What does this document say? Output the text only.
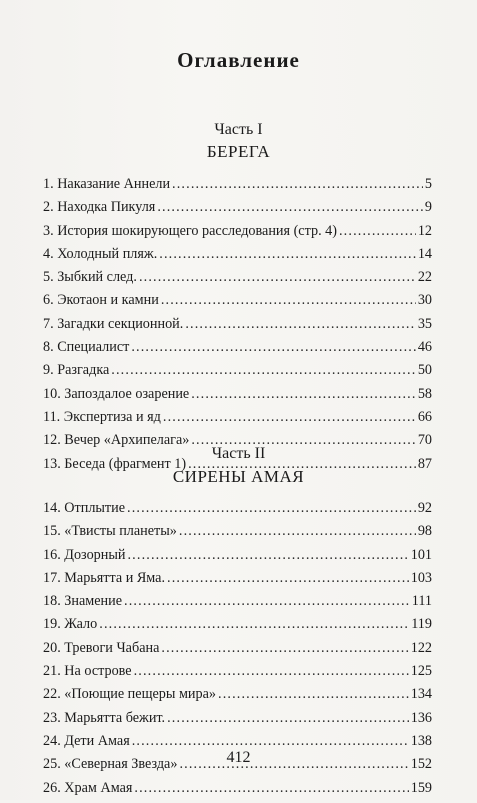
Оглавление
Часть I
БЕРЕГА
1. Наказание Аннели . . .	5
2. Находка Пикуля . . .	9
3. История шокирующего расследования (стр. 4) . . .	12
4. Холодный пляж. . . .	14
5. Зыбкий след. . . .	22
6. Экотаон и камни . . .	30
7. Загадки секционной. . . .	35
8. Специалист . . .	46
9. Разгадка . . .	50
10. Запоздалое озарение . . .	58
11. Экспертиза и яд . . .	66
12. Вечер «Архипелага» . . .	70
13. Беседа (фрагмент 1) . . .	87
Часть II
СИРЕНЫ АМАЯ
14. Отплытие . . .	92
15. «Твисты планеты» . . .	98
16. Дозорный . . .	101
17. Марьятта и Яма. . . .	103
18. Знамение . . .	111
19. Жало . . .	119
20. Тревоги Чабана . . .	122
21. На острове . . .	125
22. «Поющие пещеры мира» . . .	134
23. Марьятта бежит. . . .	136
24. Дети Амая . . .	138
25. «Северная Звезда» . . .	152
26. Храм Амая . . .	159
412
